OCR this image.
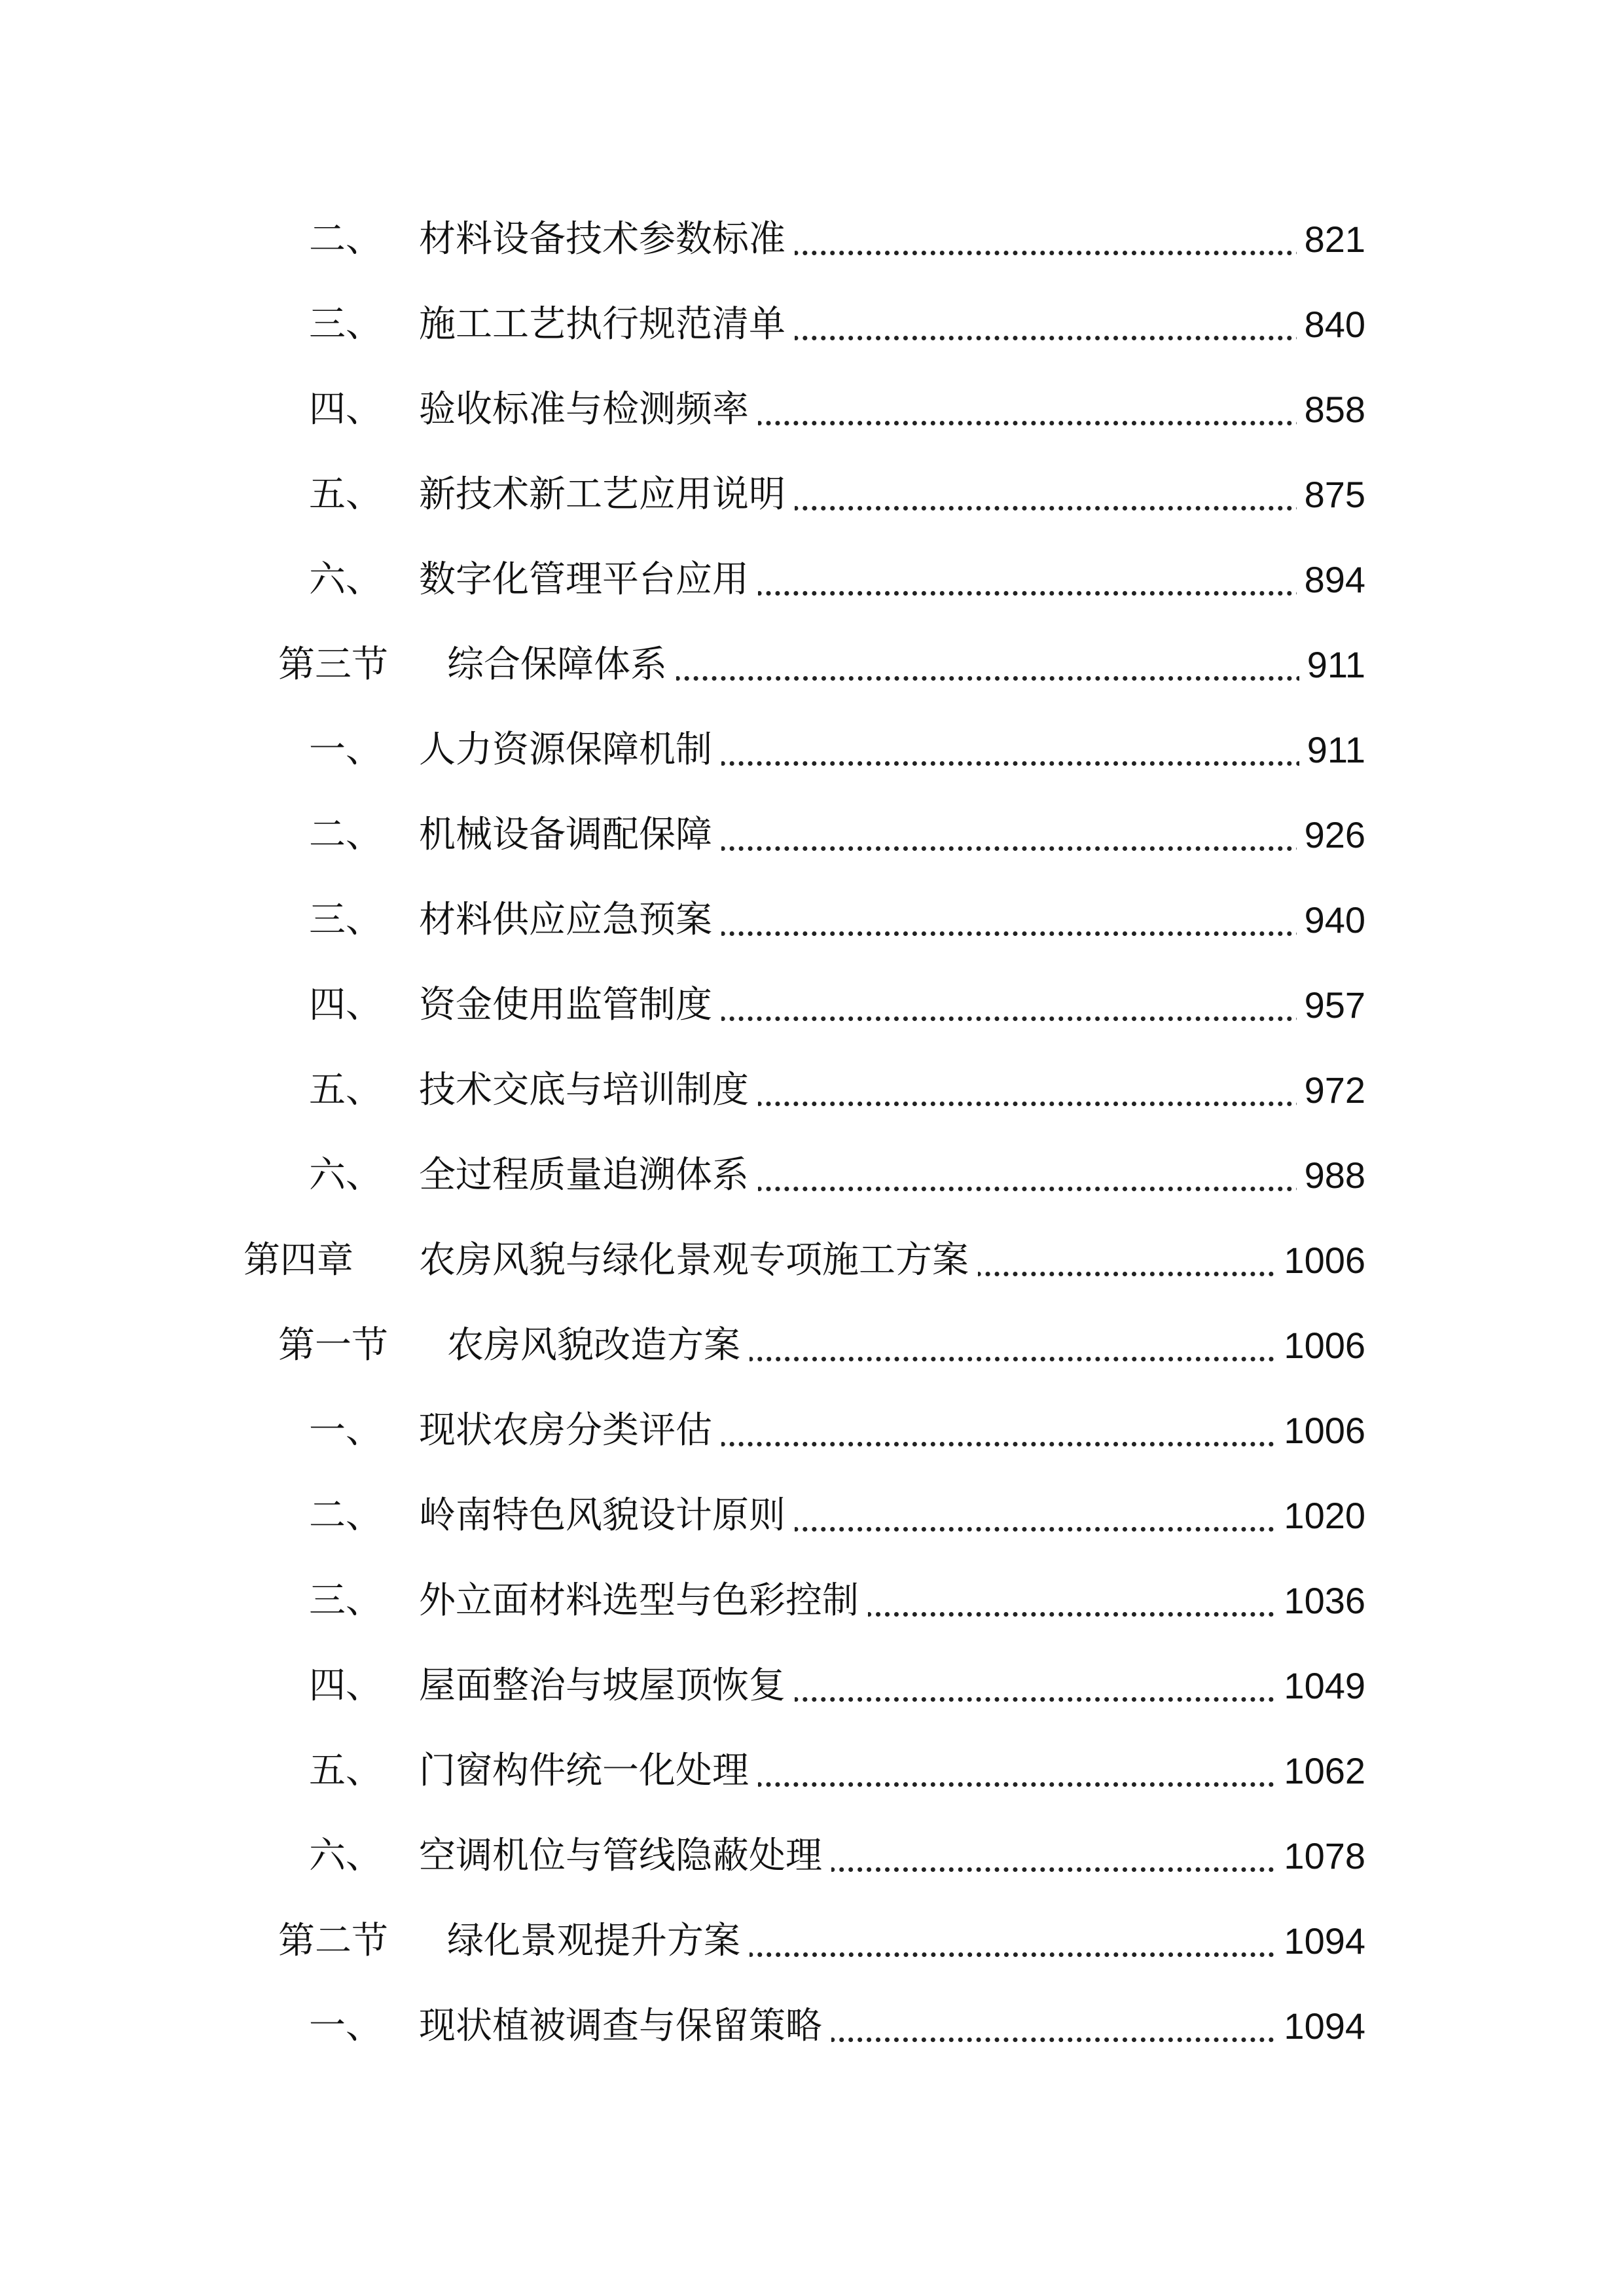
二、 材料设备技术参数标准	821
三、 施工工艺执行规范清单	840
四、 验收标准与检测频率	858
五、 新技术新工艺应用说明	875
六、 数字化管理平台应用	894
第三节 综合保障体系	911
一、 人力资源保障机制	911
二、 机械设备调配保障	926
三、 材料供应应急预案	940
四、 资金使用监管制度	957
五、 技术交底与培训制度	972
六、 全过程质量追溯体系	988
第四章 农房风貌与绿化景观专项施工方案	1006
第一节 农房风貌改造方案	1006
一、 现状农房分类评估	1006
二、 岭南特色风貌设计原则	1020
三、 外立面材料选型与色彩控制	1036
四、 屋面整治与坡屋顶恢复	1049
五、 门窗构件统一化处理	1062
六、 空调机位与管线隐蔽处理	1078
第二节 绿化景观提升方案	1094
一、 现状植被调查与保留策略	1094
